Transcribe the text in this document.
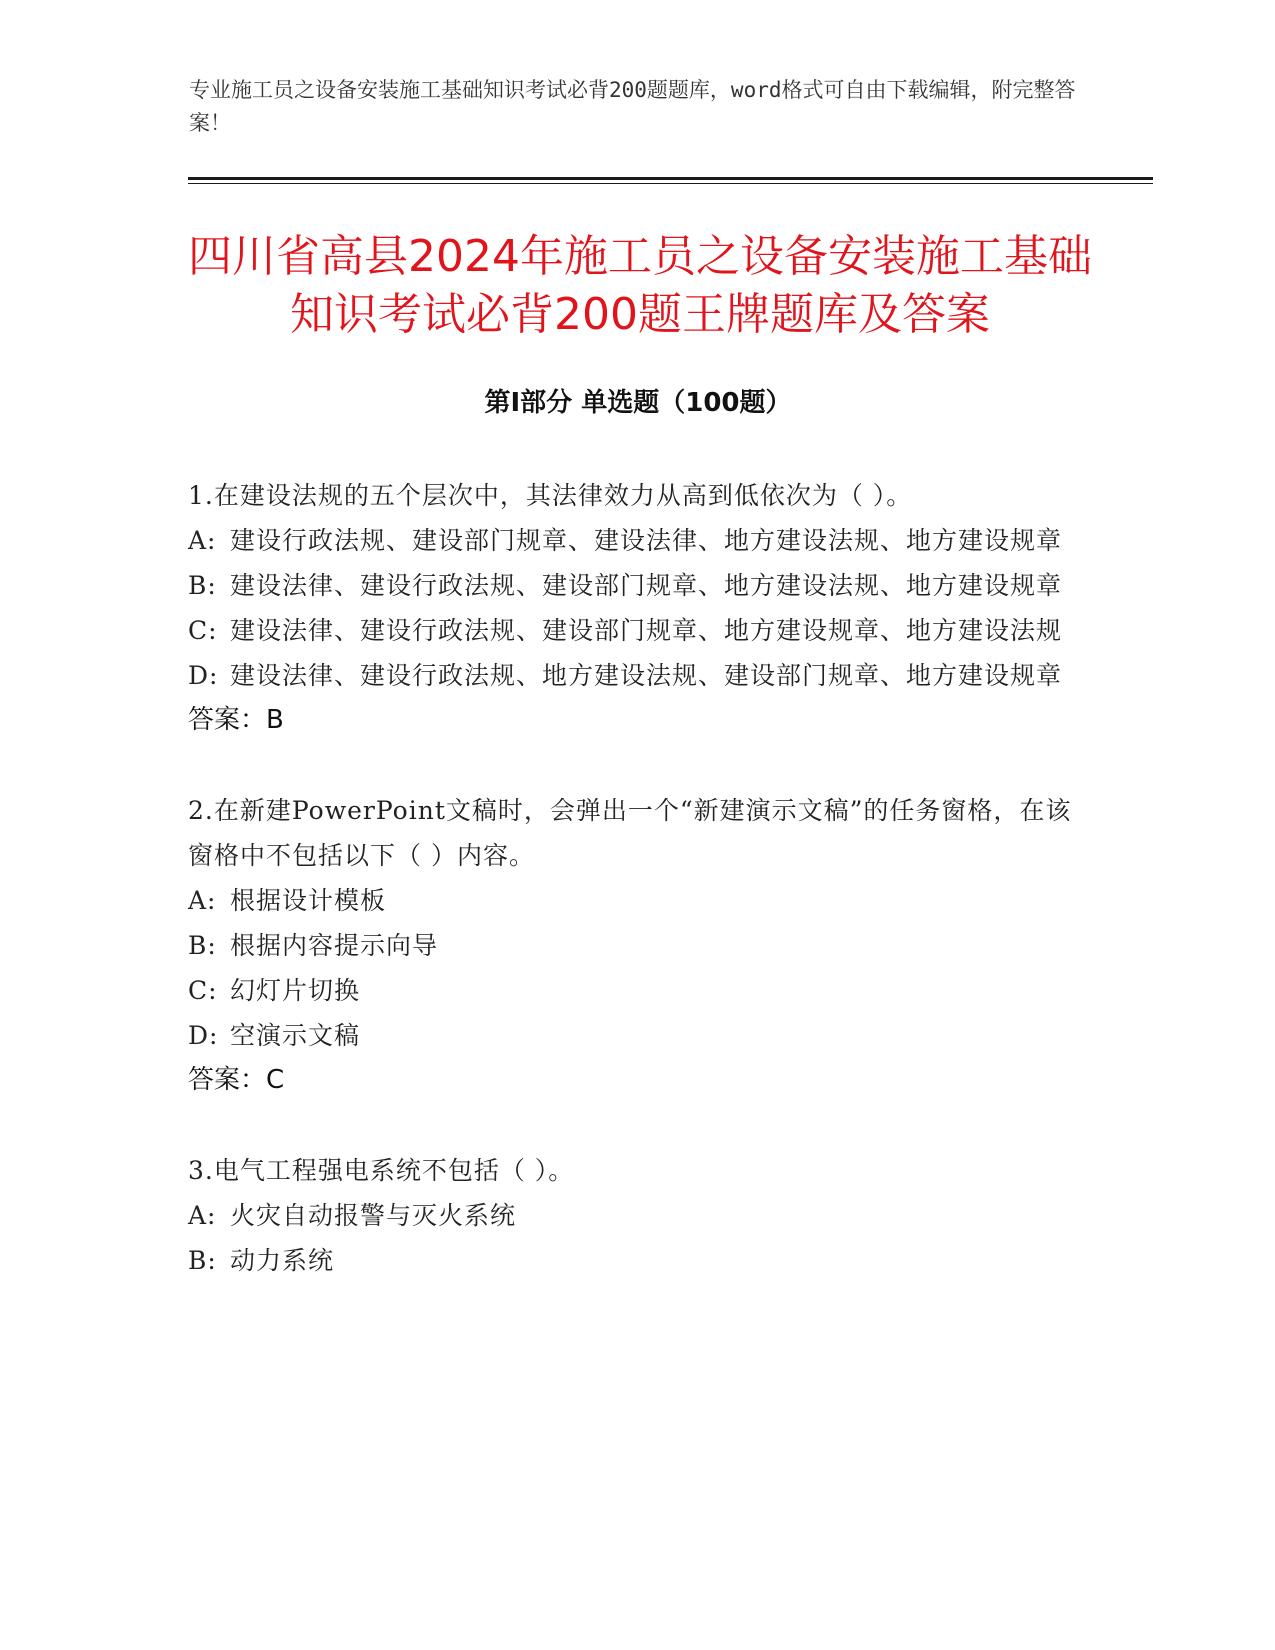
专业施工员之设备安装施工基础知识考试必背200题题库，word格式可自由下载编辑，附完整答案！
四川省高县2024年施工员之设备安装施工基础知识考试必背200题王牌题库及答案
第Ⅰ部分 单选题（100题）
1.在建设法规的五个层次中，其法律效力从高到低依次为（ ）。
A: 建设行政法规、建设部门规章、建设法律、地方建设法规、地方建设规章
B: 建设法律、建设行政法规、建设部门规章、地方建设法规、地方建设规章
C: 建设法律、建设行政法规、建设部门规章、地方建设规章、地方建设法规
D: 建设法律、建设行政法规、地方建设法规、建设部门规章、地方建设规章
答案：B
2.在新建PowerPoint文稿时，会弹出一个“新建演示文稿”的任务窗格，在该窗格中不包括以下（ ）内容。
A: 根据设计模板
B: 根据内容提示向导
C: 幻灯片切换
D: 空演示文稿
答案：C
3.电气工程强电系统不包括（ ）。
A: 火灾自动报警与灭火系统
B: 动力系统
